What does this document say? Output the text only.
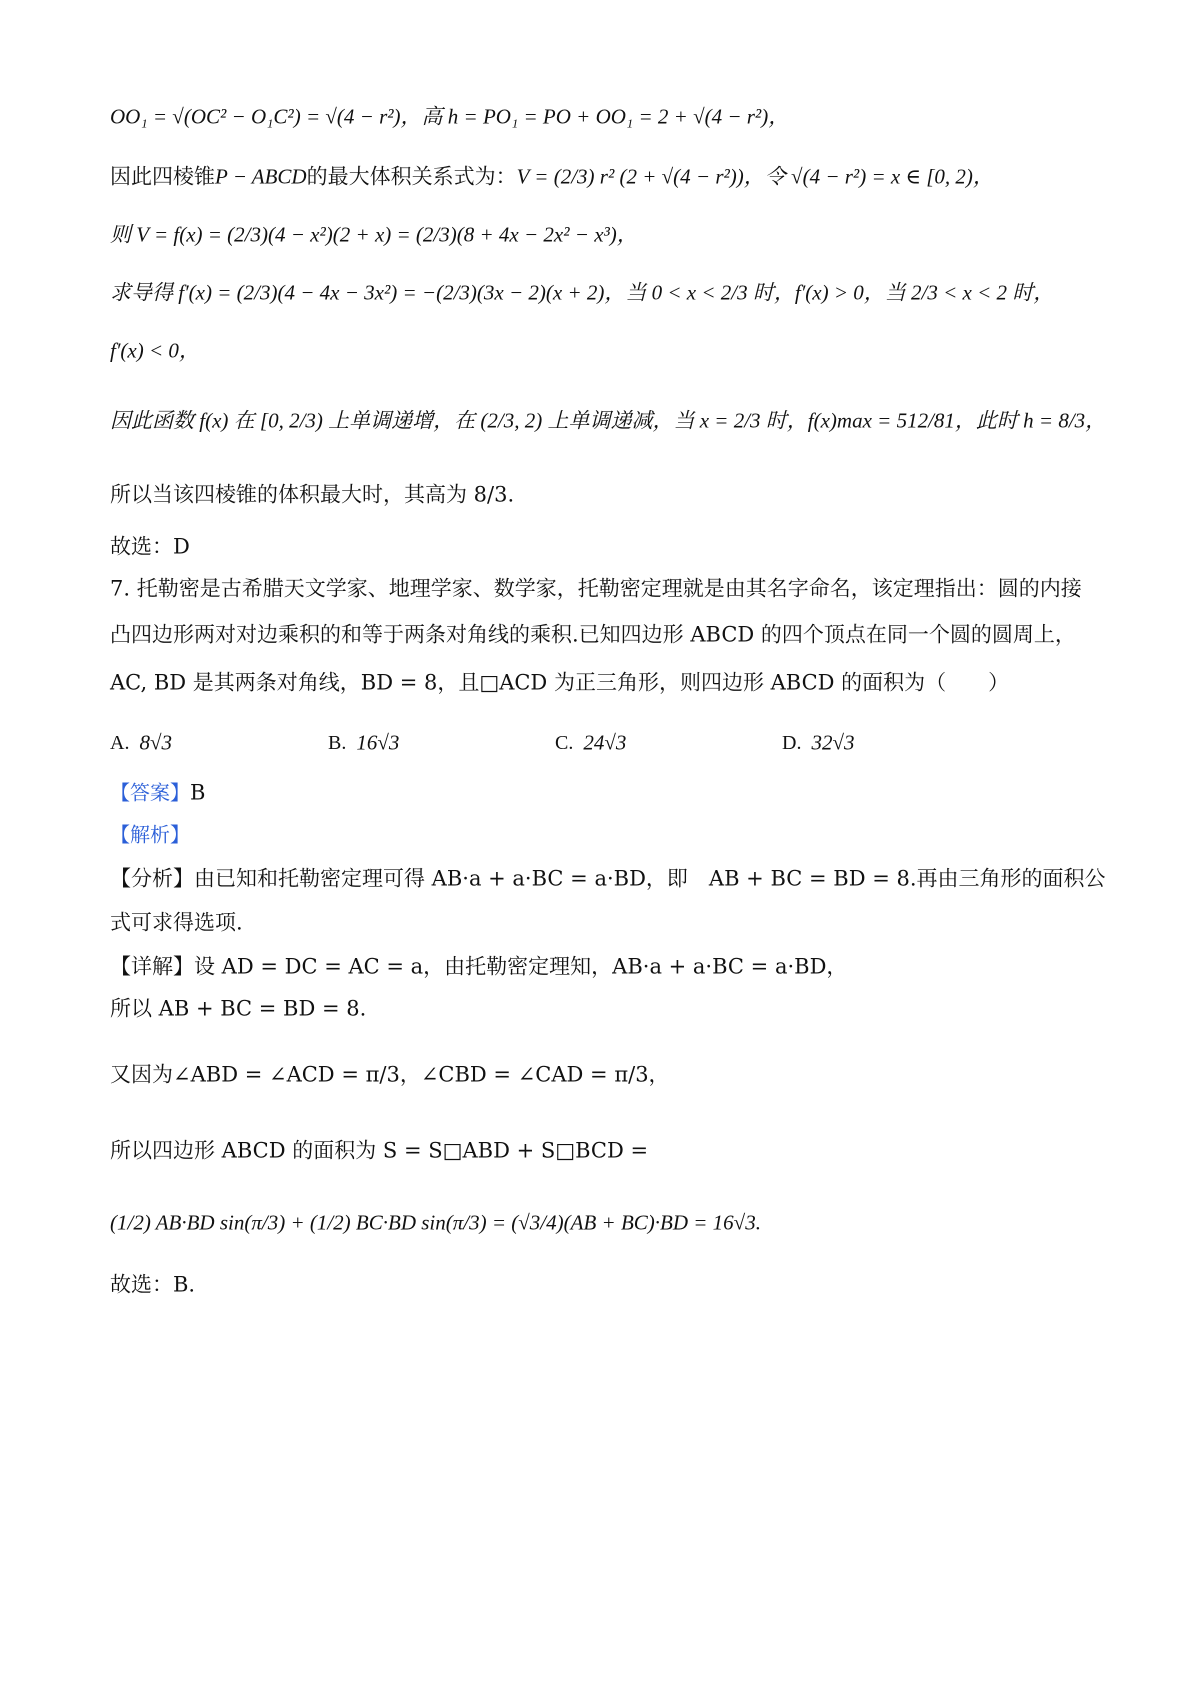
OO₁ = √(OC² − O₁C²) = √(4 − r²)，高 h = PO₁ = PO + OO₁ = 2 + √(4 − r²)，
因此四棱锥P − ABCD的最大体积关系式为：V = (2/3) r² (2 + √(4 − r²))，令 √(4 − r²) = x ∈ [0, 2)，
则 V = f(x) = (2/3)(4 − x²)(2 + x) = (2/3)(8 + 4x − 2x² − x³)，
求导得 f′(x) = (2/3)(4 − 4x − 3x²) = −(2/3)(3x − 2)(x + 2)，当 0 < x < 2/3 时，f′(x) > 0，当 2/3 < x < 2 时，
f′(x) < 0，
因此函数 f(x) 在 [0, 2/3) 上单调递增，在 (2/3, 2) 上单调递减，当 x = 2/3 时，f(x)max = 512/81，此时 h = 8/3，
所以当该四棱锥的体积最大时，其高为 8/3.
故选：D
7. 托勒密是古希腊天文学家、地理学家、数学家，托勒密定理就是由其名字命名，该定理指出：圆的内接
凸四边形两对对边乘积的和等于两条对角线的乘积.已知四边形 ABCD 的四个顶点在同一个圆的圆周上，
AC, BD 是其两条对角线，BD = 8，且□ACD 为正三角形，则四边形 ABCD 的面积为（　　）
A. 8√3	B. 16√3	C. 24√3	D. 32√3
【答案】B
【解析】
【分析】由已知和托勒密定理可得 AB·a + a·BC = a·BD，即　AB + BC = BD = 8.再由三角形的面积公
式可求得选项.
【详解】设 AD = DC = AC = a，由托勒密定理知，AB·a + a·BC = a·BD，
所以 AB + BC = BD = 8.
又因为∠ABD = ∠ACD = π/3，∠CBD = ∠CAD = π/3，
所以四边形 ABCD 的面积为 S = S□ABD + S□BCD =
(1/2) AB·BD sin(π/3) + (1/2) BC·BD sin(π/3) = (√3/4)(AB + BC)·BD = 16√3.
故选：B.
